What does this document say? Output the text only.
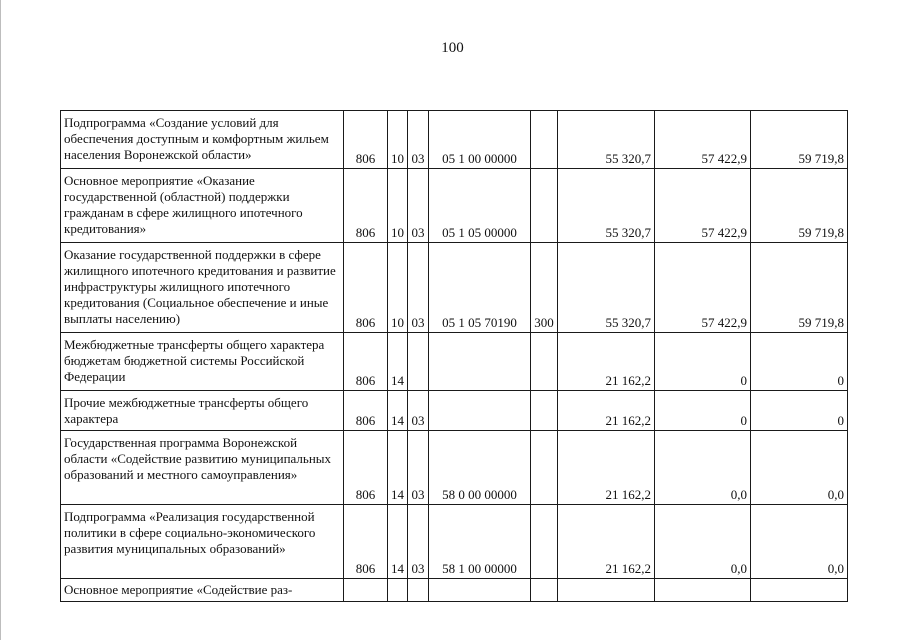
100
Подпрограмма «Создание условий для обеспечения доступным и комфортным жильем населения Воронежской области»	806	10	03	05 1 00 00000		55 320,7	57 422,9	59 719,8
Основное мероприятие «Оказание государственной (областной) поддержки гражданам в сфере жилищного ипотечного кредитования»	806	10	03	05 1 05 00000		55 320,7	57 422,9	59 719,8
Оказание государственной поддержки в сфере жилищного ипотечного кредитования и развитие инфраструктуры жилищного ипотечного кредитования (Социальное обеспечение и иные выплаты населению)	806	10	03	05 1 05 70190	300	55 320,7	57 422,9	59 719,8
Межбюджетные трансферты общего характера бюджетам бюджетной системы Российской Федерации	806	14				21 162,2	0	0
Прочие межбюджетные трансферты общего характера	806	14	03			21 162,2	0	0
Государственная программа Воронежской области «Содействие развитию муниципальных образований и местного самоуправления»	806	14	03	58 0 00 00000		21 162,2	0,0	0,0
Подпрограмма «Реализация государственной политики в сфере социально-экономического развития муниципальных образований»	806	14	03	58 1 00 00000		21 162,2	0,0	0,0
Основное мероприятие «Содействие раз-								
